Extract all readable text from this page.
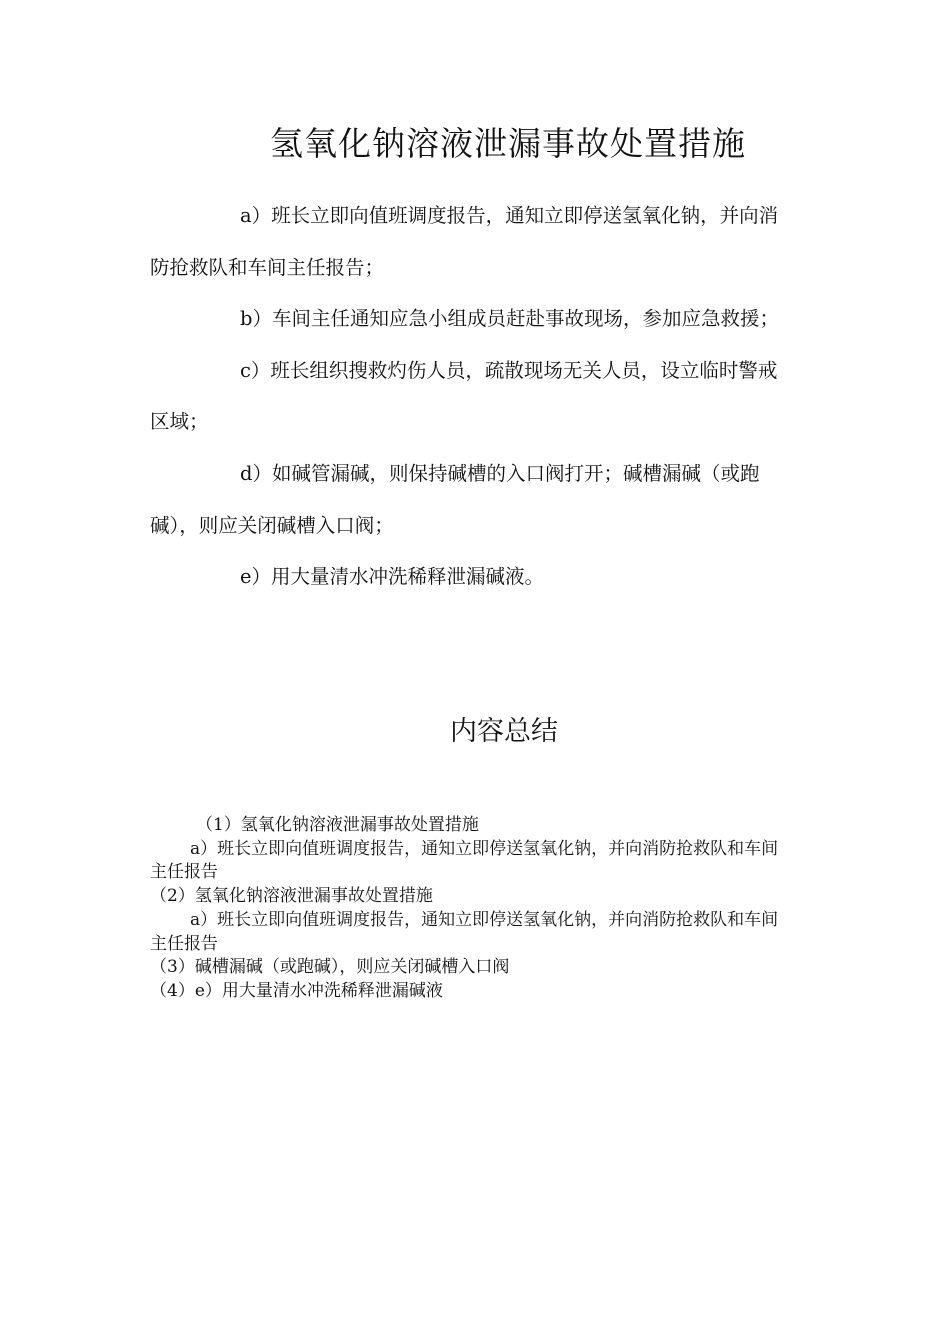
氢氧化钠溶液泄漏事故处置措施

a）班长立即向值班调度报告，通知立即停送氢氧化钠，并向消防抢救队和车间主任报告；

b）车间主任通知应急小组成员赶赴事故现场，参加应急救援；

c）班长组织搜救灼伤人员，疏散现场无关人员，设立临时警戒区域；

d）如碱管漏碱，则保持碱槽的入口阀打开；碱槽漏碱（或跑碱），则应关闭碱槽入口阀；

e）用大量清水冲洗稀释泄漏碱液。

内容总结

（1）氢氧化钠溶液泄漏事故处置措施

a）班长立即向值班调度报告，通知立即停送氢氧化钠，并向消防抢救队和车间主任报告

（2）氢氧化钠溶液泄漏事故处置措施

a）班长立即向值班调度报告，通知立即停送氢氧化钠，并向消防抢救队和车间主任报告

（3）碱槽漏碱（或跑碱），则应关闭碱槽入口阀

（4）e）用大量清水冲洗稀释泄漏碱液
